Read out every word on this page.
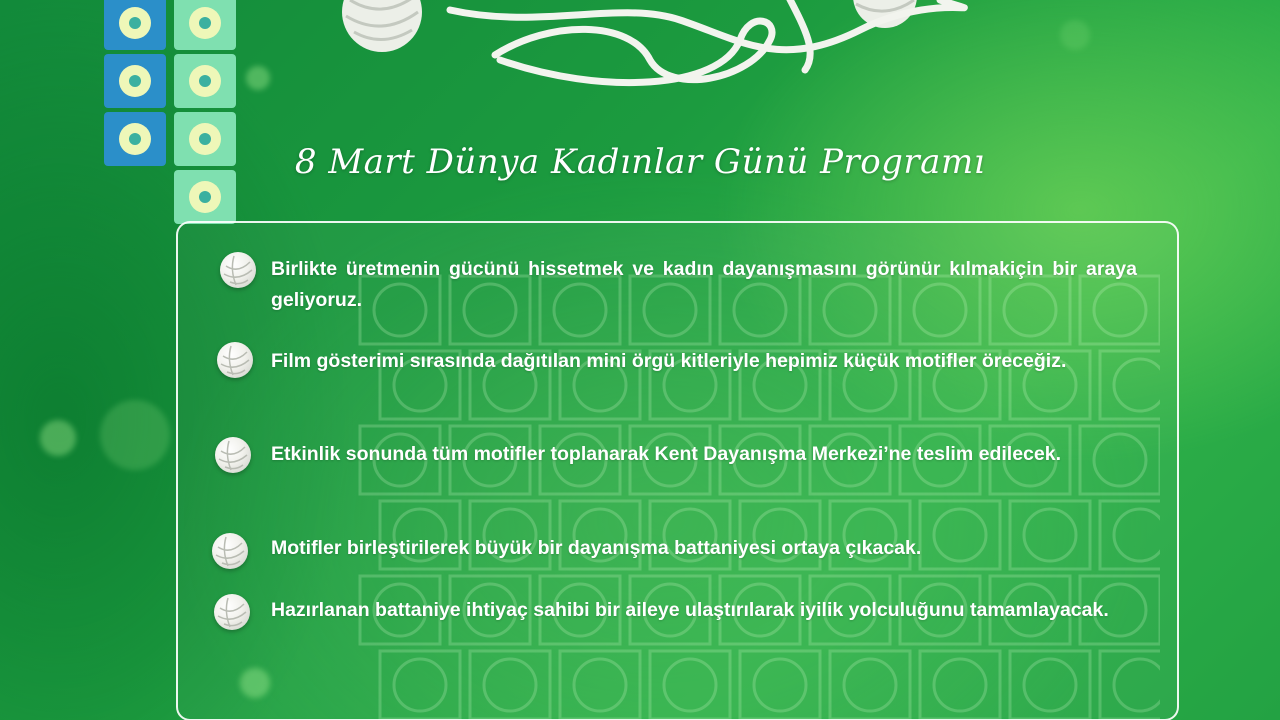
8 Mart Dünya Kadınlar Günü Programı
Birlikte üretmenin gücünü hissetmek ve kadın dayanışmasını görünür kılmakiçin bir araya geliyoruz.
Film gösterimi sırasında dağıtılan mini örgü kitleriyle hepimiz küçük motifler öreceğiz.
Etkinlik sonunda tüm motifler toplanarak Kent Dayanışma Merkezi’ne teslim edilecek.
Motifler birleştirilerek büyük bir dayanışma battaniyesi ortaya çıkacak.
Hazırlanan battaniye ihtiyaç sahibi bir aileye ulaştırılarak iyilik yolculuğunu tamamlayacak.
